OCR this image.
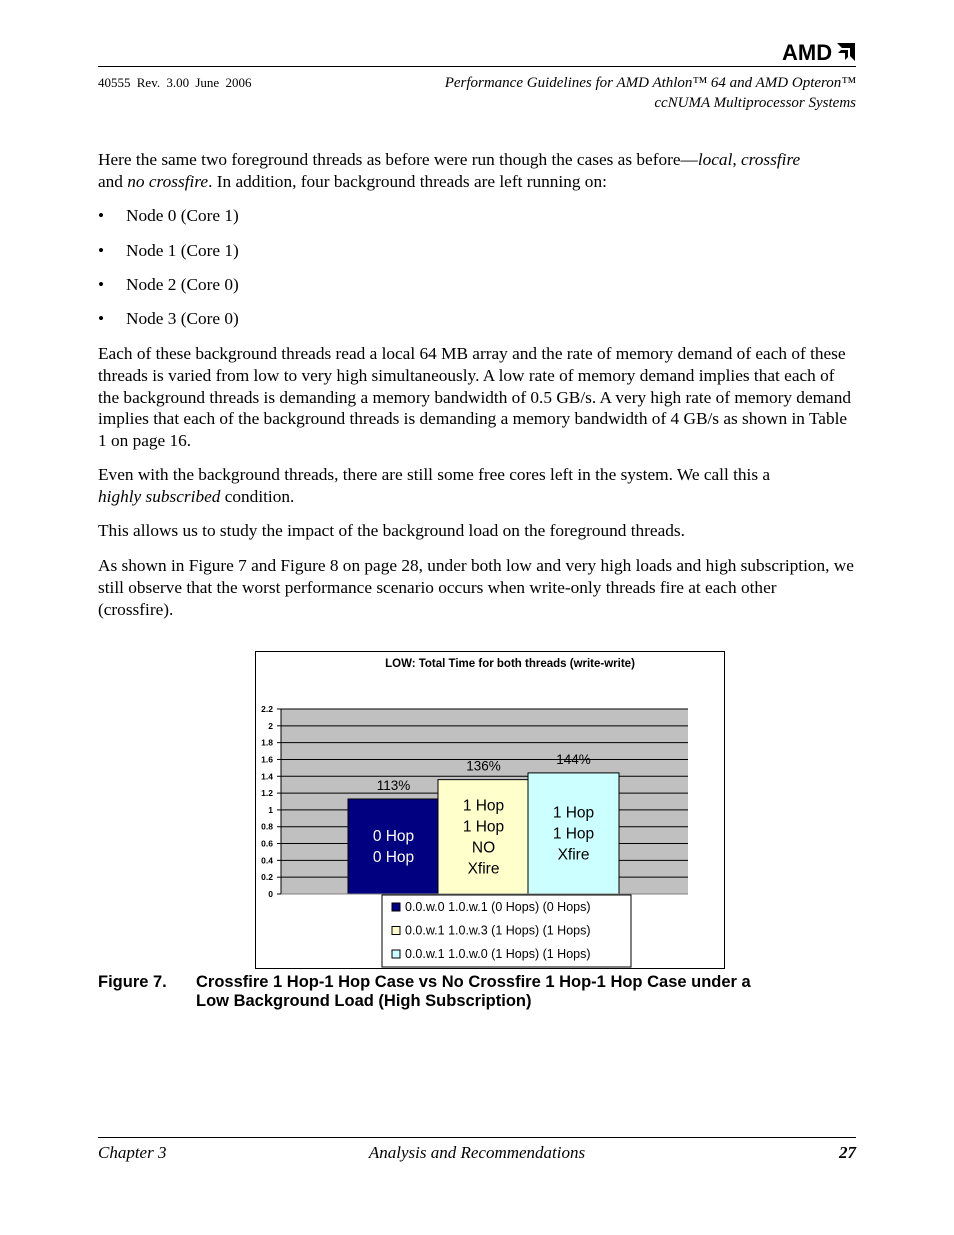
AMD
40555 Rev. 3.00 June 2006	Performance Guidelines for AMD Athlon™ 64 and AMD Opteron™
ccNUMA Multiprocessor Systems

Here the same two foreground threads as before were run though the cases as before—local, crossfire
and no crossfire. In addition, four background threads are left running on:

• Node 0 (Core 1)
• Node 1 (Core 1)
• Node 2 (Core 0)
• Node 3 (Core 0)

Each of these background threads read a local 64 MB array and the rate of memory demand of each of these threads is varied from low to very high simultaneously. A low rate of memory demand implies that each of the background threads is demanding a memory bandwidth of 0.5 GB/s. A very high rate of memory demand implies that each of the background threads is demanding a memory bandwidth of 4 GB/s as shown in Table 1 on page 16.

Even with the background threads, there are still some free cores left in the system. We call this a
highly subscribed condition.

This allows us to study the impact of the background load on the foreground threads.

As shown in Figure 7 and Figure 8 on page 28, under both low and very high loads and high subscription, we still observe that the worst performance scenario occurs when write-only threads fire at each other (crossfire).

LOW: Total Time for both threads (write-write)
0
0.2
0.4
0.6
0.8
1
1.2
1.4
1.6
1.8
2
2.2
113%
0 Hop
0 Hop
136%
1 Hop
1 Hop
NO
Xfire
144%
1 Hop
1 Hop
Xfire
0.0.w.0 1.0.w.1 (0 Hops) (0 Hops)
0.0.w.1 1.0.w.3 (1 Hops) (1 Hops)
0.0.w.1 1.0.w.0 (1 Hops) (1 Hops)
Figure 7. Crossfire 1 Hop-1 Hop Case vs No Crossfire 1 Hop-1 Hop Case under a
Low Background Load (High Subscription)
Analysis and Recommendations
Chapter 3	27
